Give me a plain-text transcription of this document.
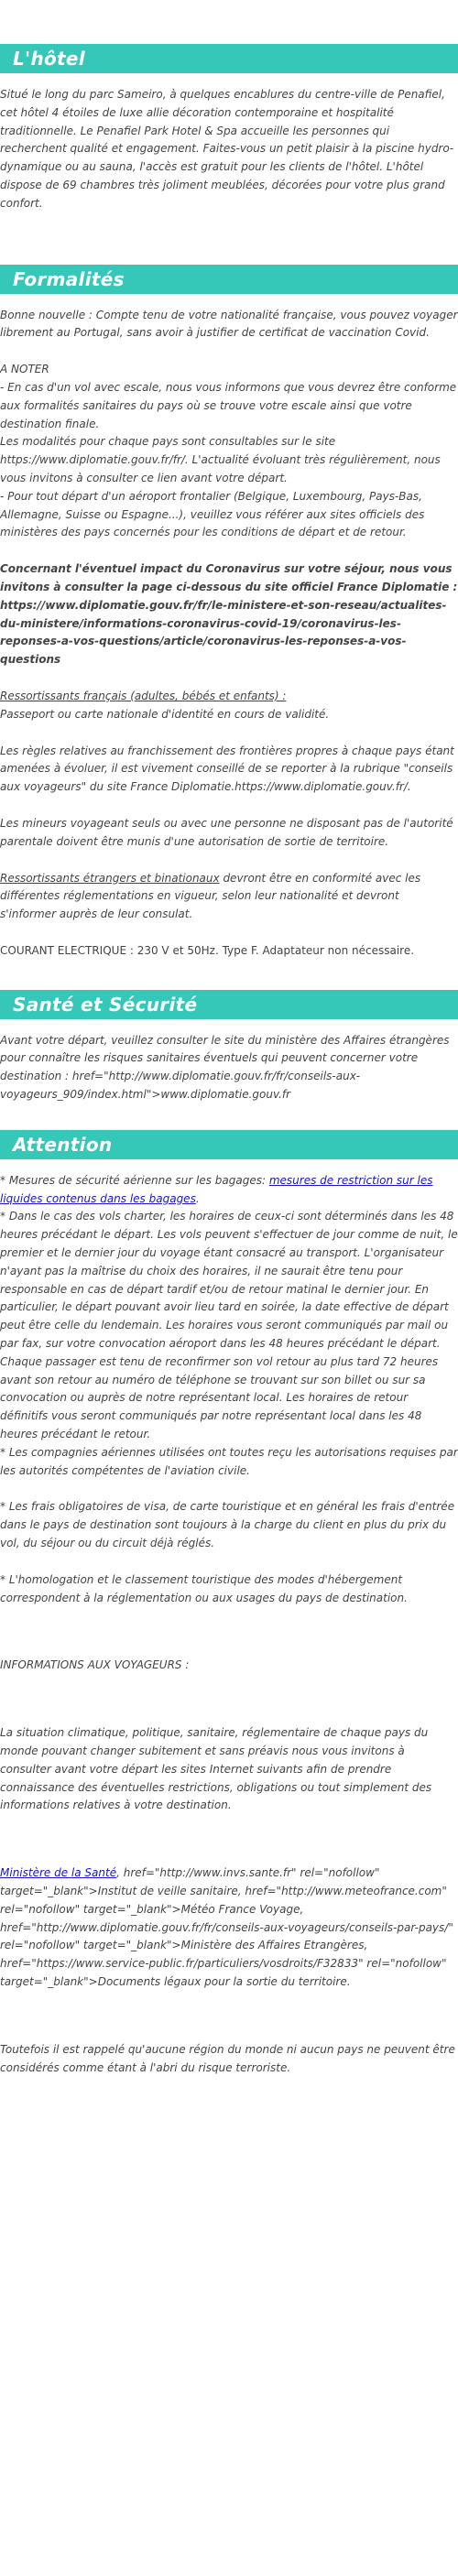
L'hôtel
Situé le long du parc Sameiro, à quelques encablures du centre-ville de Penafiel, cet hôtel 4 étoiles de luxe allie décoration contemporaine et hospitalité traditionnelle. Le Penafiel Park Hotel & Spa accueille les personnes qui recherchent qualité et engagement. Faites-vous un petit plaisir à la piscine hydro-dynamique ou au sauna, l'accès est gratuit pour les clients de l'hôtel. L'hôtel dispose de 69 chambres très joliment meublées, décorées pour votre plus grand confort.
Formalités

Bonne nouvelle : Compte tenu de votre nationalité française, vous pouvez voyager librement au Portugal, sans avoir à justifier de certificat de vaccination Covid.

A NOTER

- En cas d'un vol avec escale, nous vous informons que vous devrez être conforme aux formalités sanitaires du pays où se trouve votre escale ainsi que votre destination finale.

Les modalités pour chaque pays sont consultables sur le site https://www.diplomatie.gouv.fr/fr/. L'actualité évoluant très régulièrement, nous vous invitons à consulter ce lien avant votre départ.

- Pour tout départ d'un aéroport frontalier (Belgique, Luxembourg, Pays-Bas, Allemagne, Suisse ou Espagne...), veuillez vous référer aux sites officiels des ministères des pays concernés pour les conditions de départ et de retour.

Concernant l'éventuel impact du Coronavirus sur votre séjour, nous vous invitons à consulter la page ci-dessous du site officiel France Diplomatie : https://www.diplomatie.gouv.fr/fr/le-ministere-et-son-reseau/actualites-du-ministere/informations-coronavirus-covid-19/coronavirus-les-reponses-a-vos-questions/article/coronavirus-les-reponses-a-vos-questions

Ressortissants français (adultes, bébés et enfants) :

Passeport ou carte nationale d'identité en cours de validité.

Les règles relatives au franchissement des frontières propres à chaque pays étant amenées à évoluer, il est vivement conseillé de se reporter à la rubrique "conseils aux voyageurs" du site France Diplomatie.https://www.diplomatie.gouv.fr/.

Les mineurs voyageant seuls ou avec une personne ne disposant pas de l'autorité parentale doivent être munis d'une autorisation de sortie de territoire.

Ressortissants étrangers et binationaux devront être en conformité avec les différentes réglementations en vigueur, selon leur nationalité et devront s'informer auprès de leur consulat.

COURANT ELECTRIQUE : 230 V et 50Hz. Type F. Adaptateur non nécessaire.

Santé et Sécurité
Avant votre départ, veuillez consulter le site du ministère des Affaires étrangères pour connaître les risques sanitaires éventuels qui peuvent concerner votre destination : href="http://www.diplomatie.gouv.fr/fr/conseils-aux-voyageurs_909/index.html">www.diplomatie.gouv.fr
Attention

* Mesures de sécurité aérienne sur les bagages: mesures de restriction sur les liquides contenus dans les bagages.

* Dans le cas des vols charter, les horaires de ceux-ci sont déterminés dans les 48 heures précédant le départ. Les vols peuvent s'effectuer de jour comme de nuit, le premier et le dernier jour du voyage étant consacré au transport. L'organisateur n'ayant pas la maîtrise du choix des horaires, il ne saurait être tenu pour responsable en cas de départ tardif et/ou de retour matinal le dernier jour. En particulier, le départ pouvant avoir lieu tard en soirée, la date effective de départ peut être celle du lendemain. Les horaires vous seront communiqués par mail ou par fax, sur votre convocation aéroport dans les 48 heures précédant le départ. Chaque passager est tenu de reconfirmer son vol retour au plus tard 72 heures avant son retour au numéro de téléphone se trouvant sur son billet ou sur sa convocation ou auprès de notre représentant local. Les horaires de retour définitifs vous seront communiqués par notre représentant local dans les 48 heures précédant le retour.

* Les compagnies aériennes utilisées ont toutes reçu les autorisations requises par les autorités compétentes de l'aviation civile.

* Les frais obligatoires de visa, de carte touristique et en général les frais d'entrée dans le pays de destination sont toujours à la charge du client en plus du prix du vol, du séjour ou du circuit déjà réglés.

* L'homologation et le classement touristique des modes d'hébergement correspondent à la réglementation ou aux usages du pays de destination.

INFORMATIONS AUX VOYAGEURS :

La situation climatique, politique, sanitaire, réglementaire de chaque pays du monde pouvant changer subitement et sans préavis nous vous invitons à consulter avant votre départ les sites Internet suivants afin de prendre connaissance des éventuelles restrictions, obligations ou tout simplement des informations relatives à votre destination.

Ministère de la Santé, href="http://www.invs.sante.fr" rel="nofollow" target="_blank">Institut de veille sanitaire, href="http://www.meteofrance.com" rel="nofollow" target="_blank">Météo France Voyage, href="http://www.diplomatie.gouv.fr/fr/conseils-aux-voyageurs/conseils-par-pays/" rel="nofollow" target="_blank">Ministère des Affaires Etrangères, href="https://www.service-public.fr/particuliers/vosdroits/F32833" rel="nofollow" target="_blank">Documents légaux pour la sortie du territoire.

Toutefois il est rappelé qu'aucune région du monde ni aucun pays ne peuvent être considérés comme étant à l'abri du risque terroriste.
